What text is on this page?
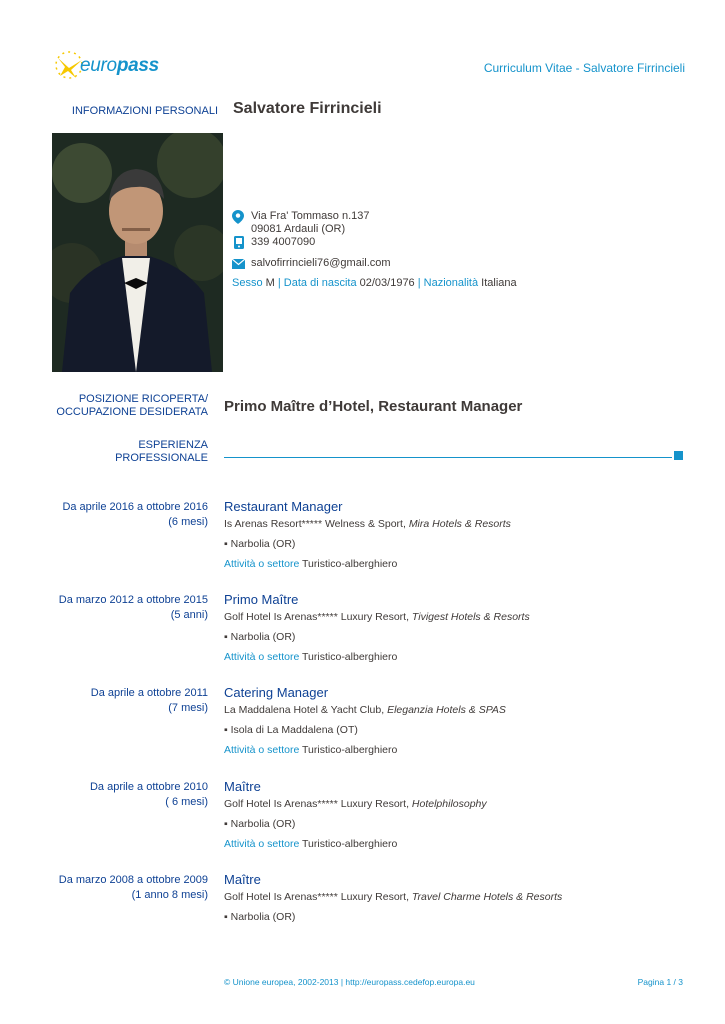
europass	Curriculum Vitae - Salvatore Firrincieli
INFORMAZIONI PERSONALI Salvatore Firrincieli
Via Fra' Tommaso n.137
09081 Ardauli (OR)
339 4007090
salvofirrincieli76@gmail.com
Sesso M | Data di nascita 02/03/1976 | Nazionalità Italiana
POSIZIONE RICOPERTA/
OCCUPAZIONE DESIDERATA Primo Maître d’Hotel, Restaurant Manager
ESPERIENZA
PROFESSIONALE
Da aprile 2016 a ottobre 2016
(6 mesi)
Restaurant Manager
Is Arenas Resort***** Welness & Sport, Mira Hotels & Resorts
▪ Narbolia (OR)
Attività o settore Turistico-alberghiero
Da marzo 2012 a ottobre 2015
(5 anni)
Primo Maître
Golf Hotel Is Arenas***** Luxury Resort, Tivigest Hotels & Resorts
▪ Narbolia (OR)
Attività o settore Turistico-alberghiero
Da aprile a ottobre 2011
(7 mesi)
Catering Manager
La Maddalena Hotel & Yacht Club, Eleganzia Hotels & SPAS
▪ Isola di La Maddalena (OT)
Attività o settore Turistico-alberghiero
Da aprile a ottobre 2010
( 6 mesi)
Maître
Golf Hotel Is Arenas***** Luxury Resort, Hotelphilosophy
▪ Narbolia (OR)
Attività o settore Turistico-alberghiero
Da marzo 2008 a ottobre 2009
(1 anno 8 mesi)
Maître
Golf Hotel Is Arenas***** Luxury Resort, Travel Charme Hotels & Resorts
▪ Narbolia (OR)
© Unione europea, 2002-2013 | http://europass.cedefop.europa.eu	Pagina 1 / 3
